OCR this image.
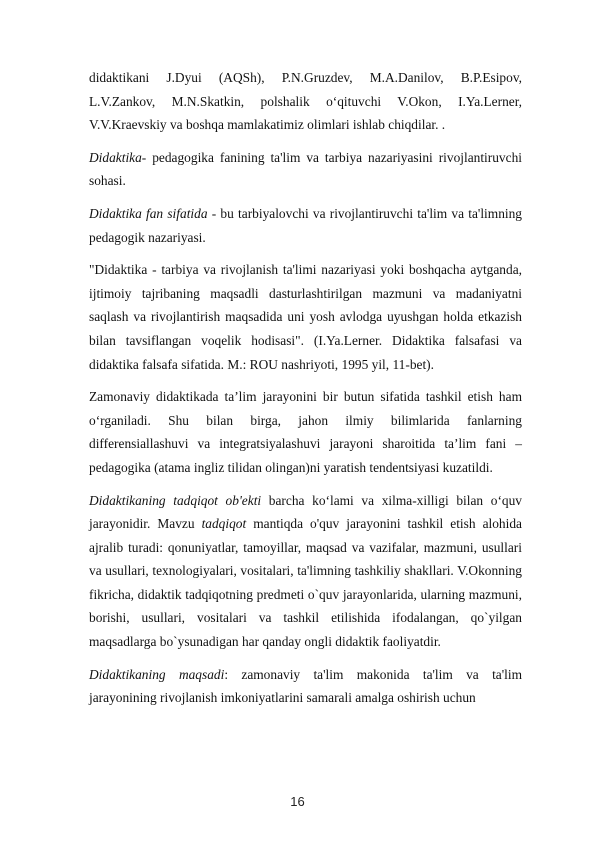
didaktikani J.Dyui (AQSh), P.N.Gruzdev, M.A.Danilov, B.P.Esipov, L.V.Zankov, M.N.Skatkin, polshalik o‘qituvchi V.Okon, I.Ya.Lerner, V.V.Kraevskiy va boshqa mamlakatimiz olimlari ishlab chiqdilar. .

Didaktika- pedagogika fanining ta'lim va tarbiya nazariyasini rivojlantiruvchi sohasi.

Didaktika fan sifatida - bu tarbiyalovchi va rivojlantiruvchi ta'lim va ta'limning pedagogik nazariyasi.

"Didaktika - tarbiya va rivojlanish ta'limi nazariyasi yoki boshqacha aytganda, ijtimoiy tajribaning maqsadli dasturlashtirilgan mazmuni va madaniyatni saqlash va rivojlantirish maqsadida uni yosh avlodga uyushgan holda etkazish bilan tavsiflangan voqelik hodisasi". (I.Ya.Lerner. Didaktika falsafasi va didaktika falsafa sifatida. M.: ROU nashriyoti, 1995 yil, 11-bet).

Zamonaviy didaktikada ta’lim jarayonini bir butun sifatida tashkil etish ham o‘rganiladi. Shu bilan birga, jahon ilmiy bilimlarida fanlarning differensiallashuvi va integratsiyalashuvi jarayoni sharoitida ta’lim fani – pedagogika (atama ingliz tilidan olingan)ni yaratish tendentsiyasi kuzatildi.

Didaktikaning tadqiqot ob'ekti barcha ko‘lami va xilma-xilligi bilan o‘quv jarayonidir. Mavzu tadqiqot mantiqda o'quv jarayonini tashkil etish alohida ajralib turadi: qonuniyatlar, tamoyillar, maqsad va vazifalar, mazmuni, usullari va usullari, texnologiyalari, vositalari, ta'limning tashkiliy shakllari. V.Okonning fikricha, didaktik tadqiqotning predmeti o`quv jarayonlarida, ularning mazmuni, borishi, usullari, vositalari va tashkil etilishida ifodalangan, qo`yilgan maqsadlarga bo`ysunadigan har qanday ongli didaktik faoliyatdir.

Didaktikaning maqsadi: zamonaviy ta'lim makonida ta'lim va ta'lim jarayonining rivojlanish imkoniyatlarini samarali amalga oshirish uchun

16
